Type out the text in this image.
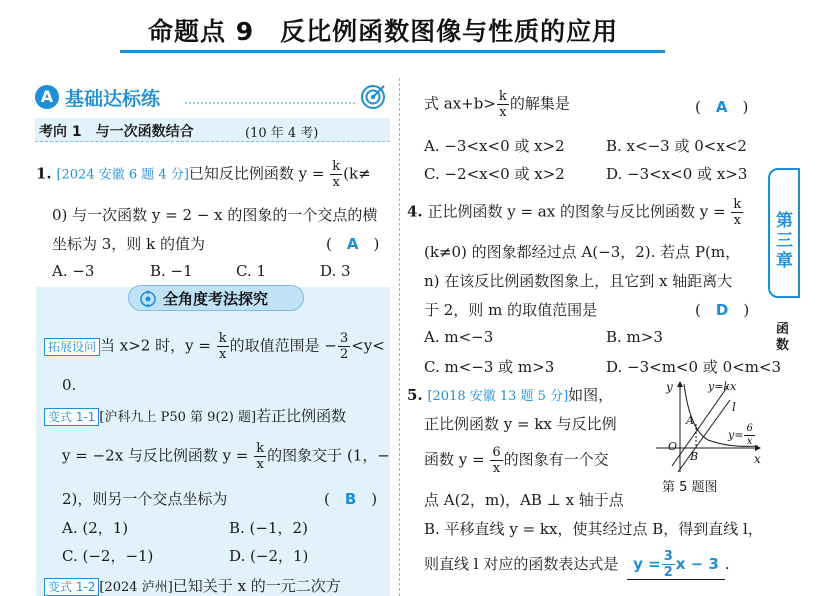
命题点 9　反比例函数图像与性质的应用
A 基础达标练
考向 1　与一次函数结合	(10 年 4 考)
1. [2024 安徽 6 题 4 分]已知反比例函数 $y = \frac{k}{x} (k\ne$
0) 与一次函数 y = 2 − x 的图象的一个交点的横
坐标为 3，则 k 的值为	(　A　)
A. −3	B. −1	C. 1	D. 3
全角度考法探究
拓展设问 当 x>2 时，$y = \frac{k}{x}$ 的取值范围是 − $\frac{3}{2} <y<$
0.
变式 1-1 [沪科九上 P50 第 9(2) 题]若正比例函数
y = −2x 与反比例函数 $y = \frac{k}{x}$ 的图象交于 (1，−
2)，则另一个交点坐标为	(　B　)
A. (2，1)	B. (−1，2)
C. (−2，−1)	D. (−2，1)
变式 1-2 [2024 泸州]已知关于 x 的一元二次方
式 $ax+b> \frac{k}{x}$ 的解集是	(　A　)
A. −3<x<0 或 x>2	B. x<−3 或 0<x<2
C. −2<x<0 或 x>2	D. −3<x<0 或 x>3
4. 正比例函数 y = ax 的图象与反比例函数 $y = \frac{k}{x}$
(k≠0) 的图象都经过点 A(−3，2). 若点 P(m，
n) 在该反比例函数图象上，且它到 x 轴距离大
于 2，则 m 的取值范围是	(　D　)
A. m<−3	B. m>3
C. m<−3 或 m>3	D. −3<m<0 或 0<m<3
5. [2018 安徽 13 题 5 分]如图，
正比例函数 y = kx 与反比例
函数 $y = \frac{6}{x}$ 的图象有一个交
点 A(2，m)，AB ⊥ x 轴于点
B. 平移直线 y = kx，使其经过点 B，得到直线 l，
则直线 l 对应的函数表达式是 $y = \frac{3}{2}$ x − 3 .
y	y=kx
l
A
O
B	x
$y= \frac{6}{x}$
第 5 题图
第
三
章
函
数
